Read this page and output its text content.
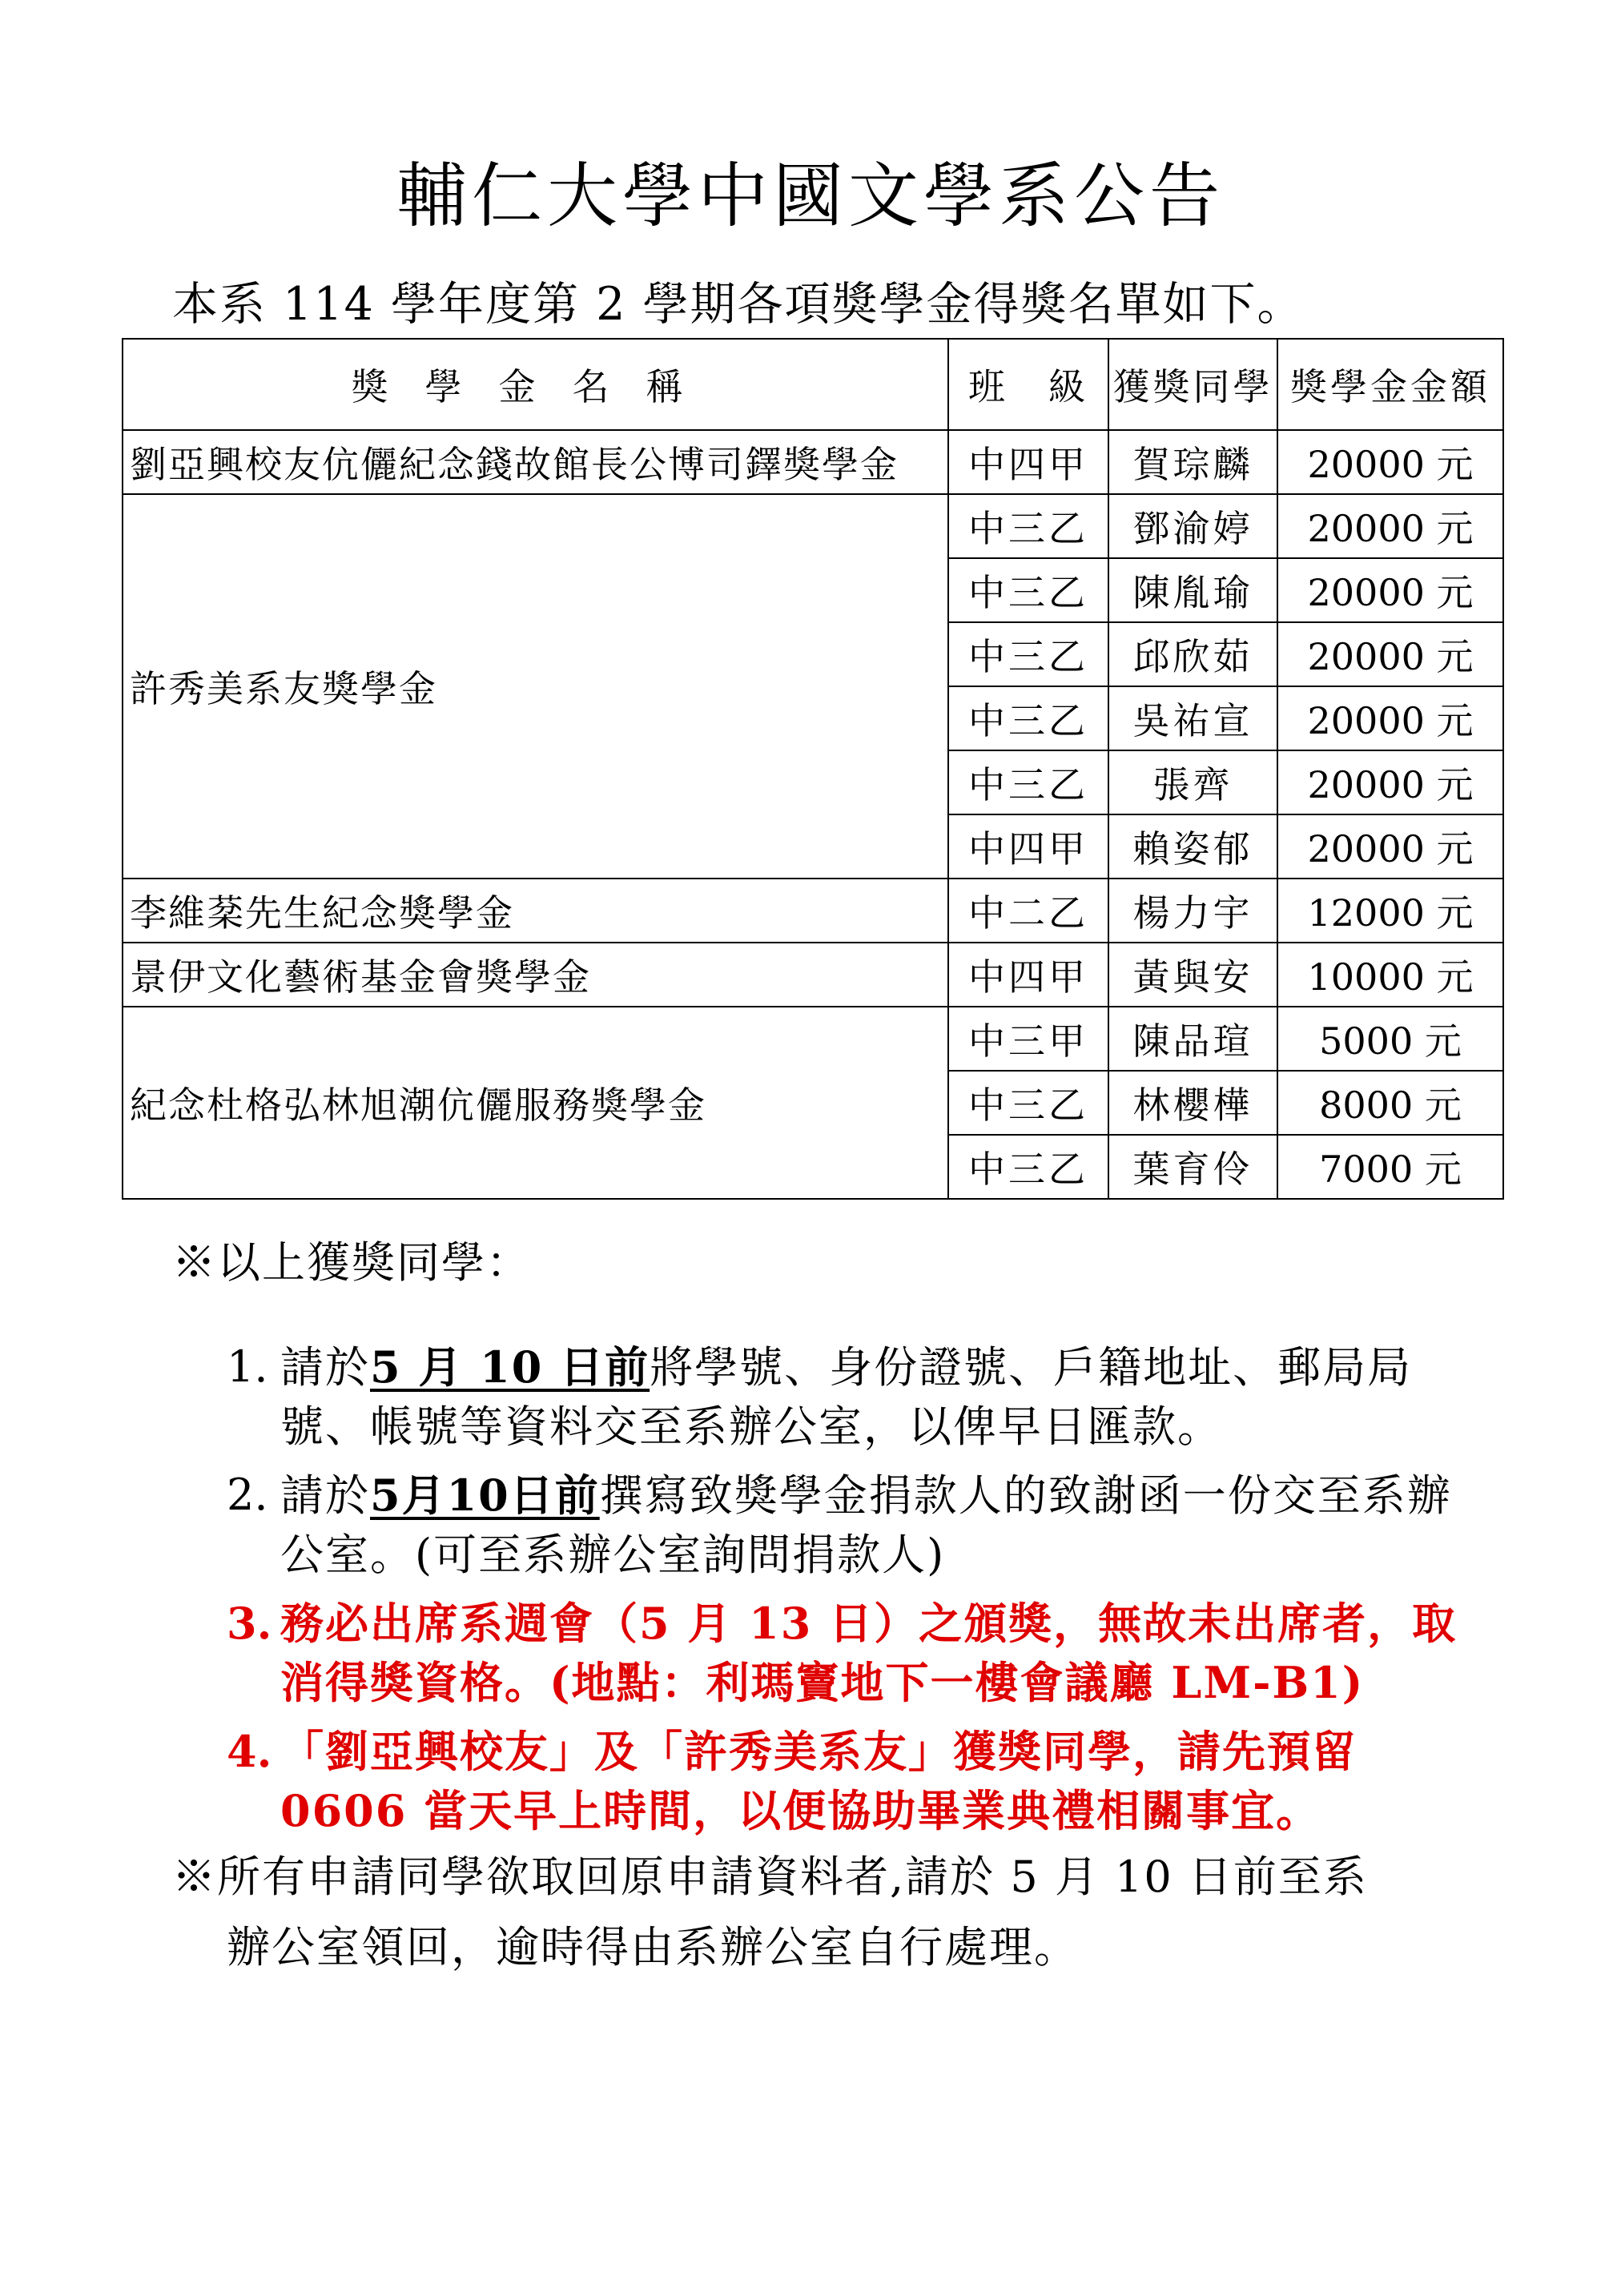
輔仁大學中國文學系公告
本系 114 學年度第 2 學期各項獎學金得獎名單如下。
獎學金名稱	班　級	獲獎同學	獎學金金額
劉亞興校友伉儷紀念錢故館長公博司鐸獎學金	中四甲	賀琮麟	20000 元
許秀美系友獎學金	中三乙	鄧渝婷	20000 元
	中三乙	陳胤瑜	20000 元
	中三乙	邱欣茹	20000 元
	中三乙	吳祐宣	20000 元
	中三乙	張齊	20000 元
	中四甲	賴姿郁	20000 元
李維棻先生紀念獎學金	中二乙	楊力宇	12000 元
景伊文化藝術基金會獎學金	中四甲	黃與安	10000 元
紀念杜格弘林旭潮伉儷服務獎學金	中三甲	陳品瑄	5000 元
	中三乙	林櫻樺	8000 元
	中三乙	葉育伶	7000 元

※以上獲獎同學：

1. 請於5 月 10 日前將學號、身份證號、戶籍地址、郵局局號、帳號等資料交至系辦公室，以俾早日匯款。
2. 請於5月10日前撰寫致獎學金捐款人的致謝函一份交至系辦公室。(可至系辦公室詢問捐款人)
3. 務必出席系週會（5 月 13 日）之頒獎，無故未出席者，取消得獎資格。(地點：利瑪竇地下一樓會議廳 LM-B1)
4. 「劉亞興校友」及「許秀美系友」獲獎同學，請先預留 0606 當天早上時間，以便協助畢業典禮相關事宜。
※所有申請同學欲取回原申請資料者,請於 5 月 10 日前至系
辦公室領回，逾時得由系辦公室自行處理。
